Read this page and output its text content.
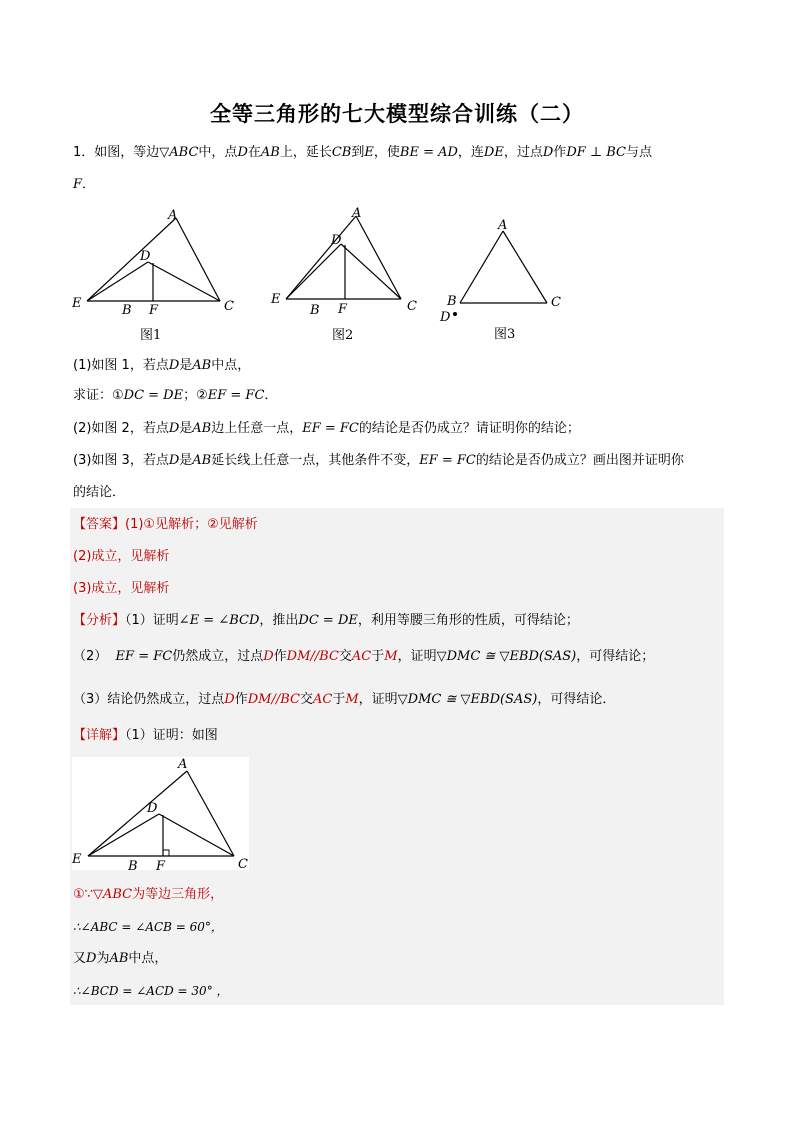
全等三角形的七大模型综合训练（二）
1．如图，等边▽ABC中，点D在AB上，延长CB到E，使BE = AD，连DE，过点D作DF ⊥ BC与点
F．
A
D
E	B F	C
图1
A
D
E
B F	C
图2
A
B
D
C
图3
(1)如图 1，若点D是AB中点，
求证：①DC = DE；②EF = FC．
(2)如图 2，若点D是AB边上任意一点，EF = FC的结论是否仍成立？请证明你的结论；
(3)如图 3，若点D是AB延长线上任意一点，其他条件不变，EF = FC的结论是否仍成立？画出图并证明你
的结论．
【答案】(1)①见解析；②见解析
(2)成立，见解析
(3)成立，见解析
【分析】（1）证明∠E = ∠BCD，推出DC = DE，利用等腰三角形的性质，可得结论；
（2） EF = FC仍然成立，过点D作DM//BC交AC于M，证明▽DMC ≅ ▽EBD(SAS)，可得结论；
（3）结论仍然成立，过点D作DM//BC交AC于M，证明▽DMC ≅ ▽EBD(SAS)，可得结论．
【详解】（1）证明：如图
A
D
E	B F	C
①∵▽ABC为等边三角形，
∴∠ABC = ∠ACB = 60°，
又D为AB中点，
∴∠BCD = ∠ACD = 30° ，
